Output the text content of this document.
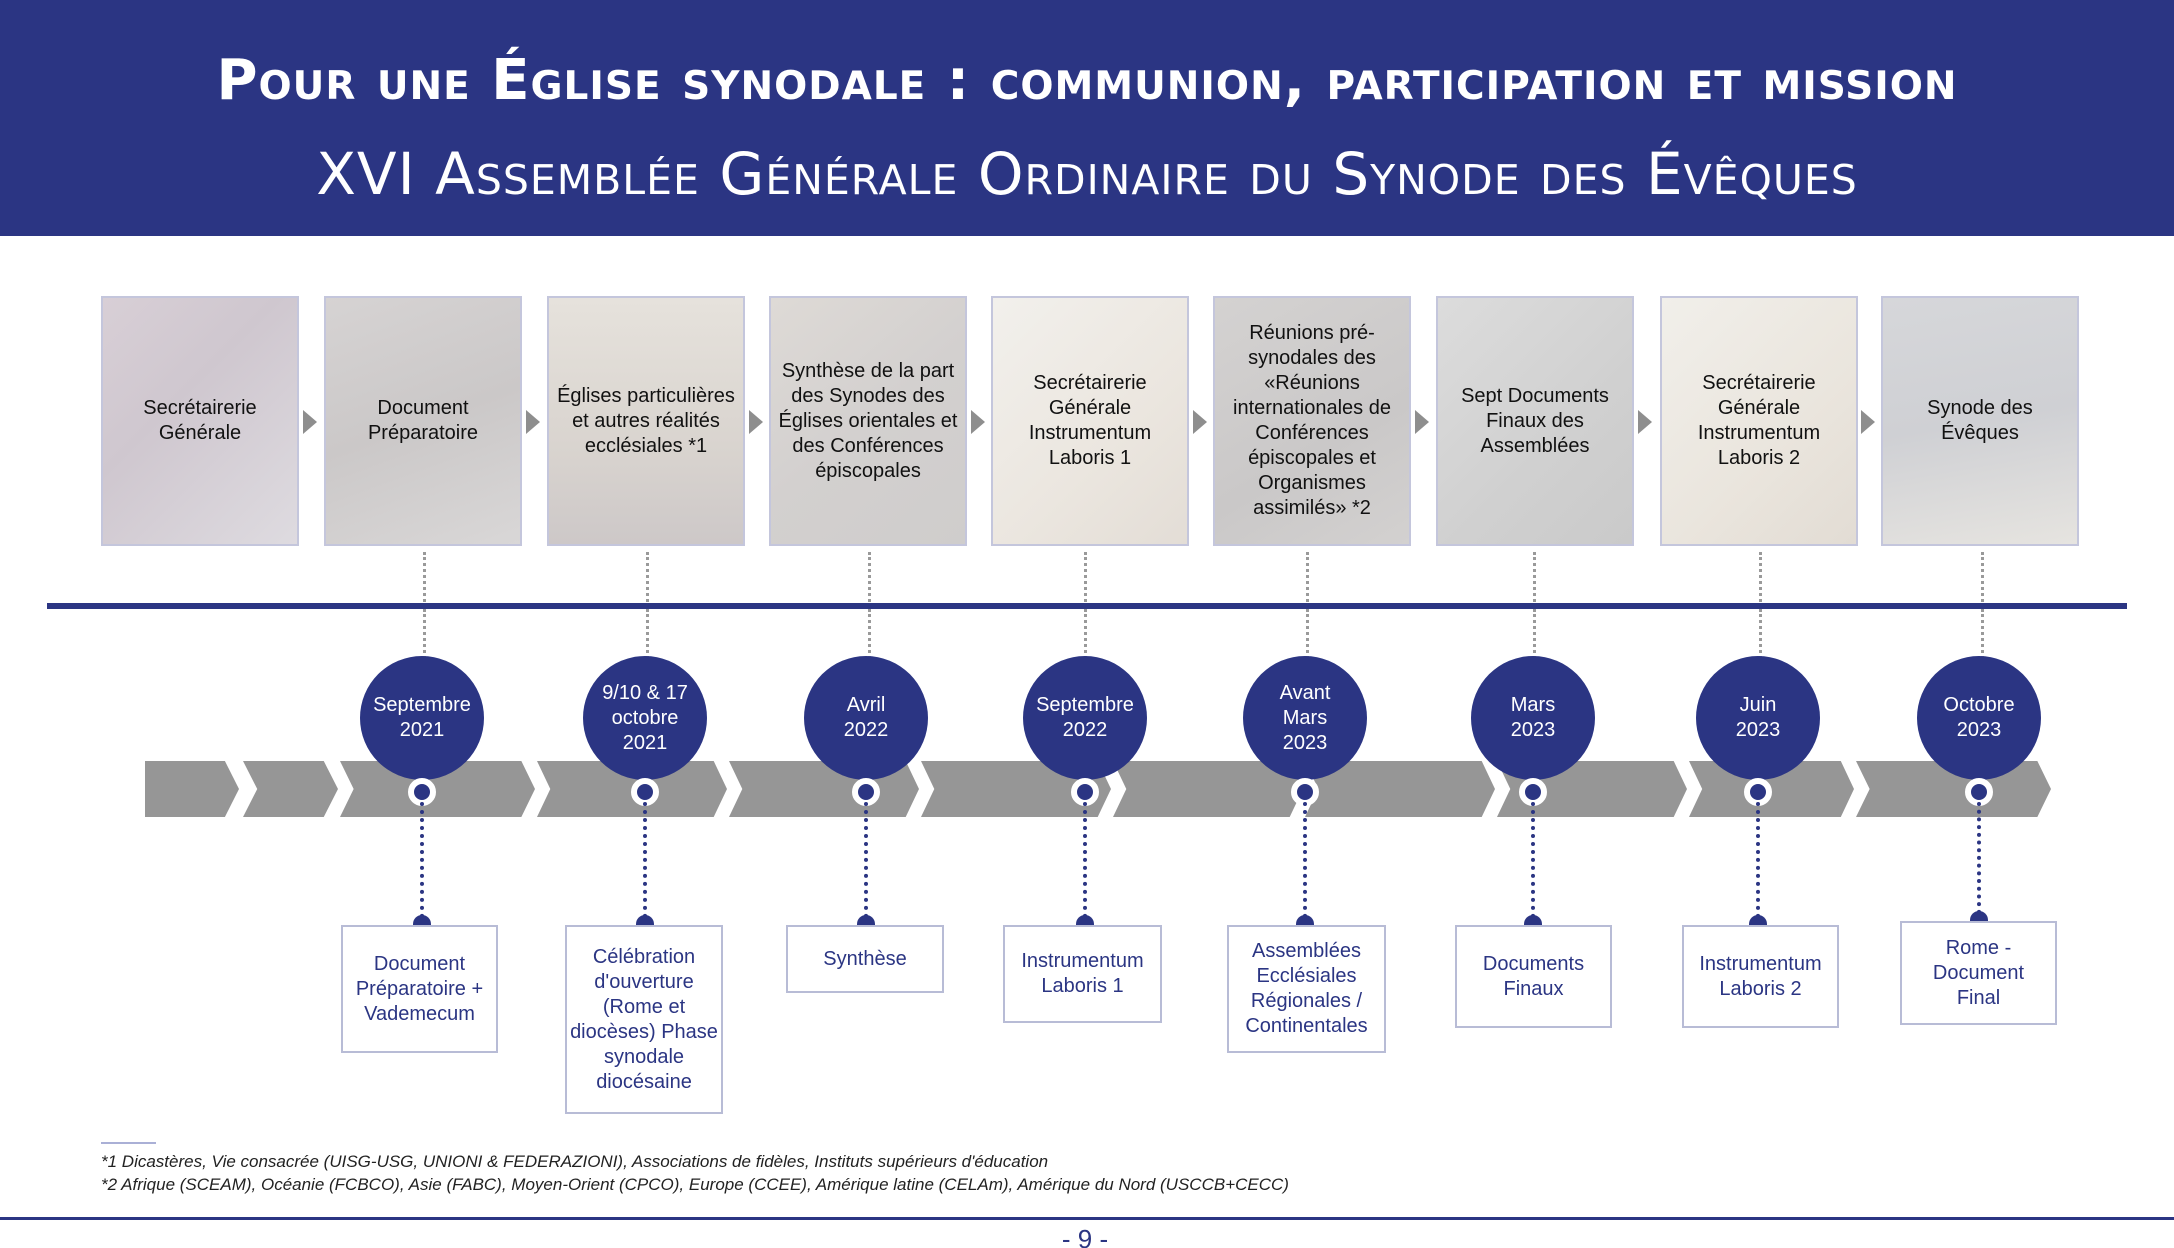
Pour une Église synodale : communion, participation et mission
XVI Assemblée Générale Ordinaire du Synode des Évêques
Secrétairerie Générale
Document Préparatoire
Églises particulières et autres réalités ecclésiales *1
Synthèse de la part des Synodes des Églises orientales et des Conférences épiscopales
Secrétairerie Générale Instrumentum Laboris 1
Réunions pré-synodales des «Réunions internationales de Conférences épiscopales et Organismes assimilés» *2
Sept Documents Finaux des Assemblées
Secrétairerie Générale Instrumentum Laboris 2
Synode des Évêques
Septembre 2021
9/10 & 17 octobre 2021
Avril 2022
Septembre 2022
Avant Mars 2023
Mars 2023
Juin 2023
Octobre 2023
Document Préparatoire + Vademecum
Célébration d'ouverture (Rome et diocèses) Phase synodale diocésaine
Synthèse	Instrumentum Laboris 1
Assemblées Ecclésiales Régionales / Continentales
Documents Finaux
Instrumentum Laboris 2
Rome - Document Final
*1 Dicastères, Vie consacrée (UISG-USG, UNIONI & FEDERAZIONI), Associations de fidèles, Instituts supérieurs d'éducation
*2 Afrique (SCEAM), Océanie (FCBCO), Asie (FABC), Moyen-Orient (CPCO), Europe (CCEE), Amérique latine (CELAm), Amérique du Nord (USCCB+CECC)
- 9 -
